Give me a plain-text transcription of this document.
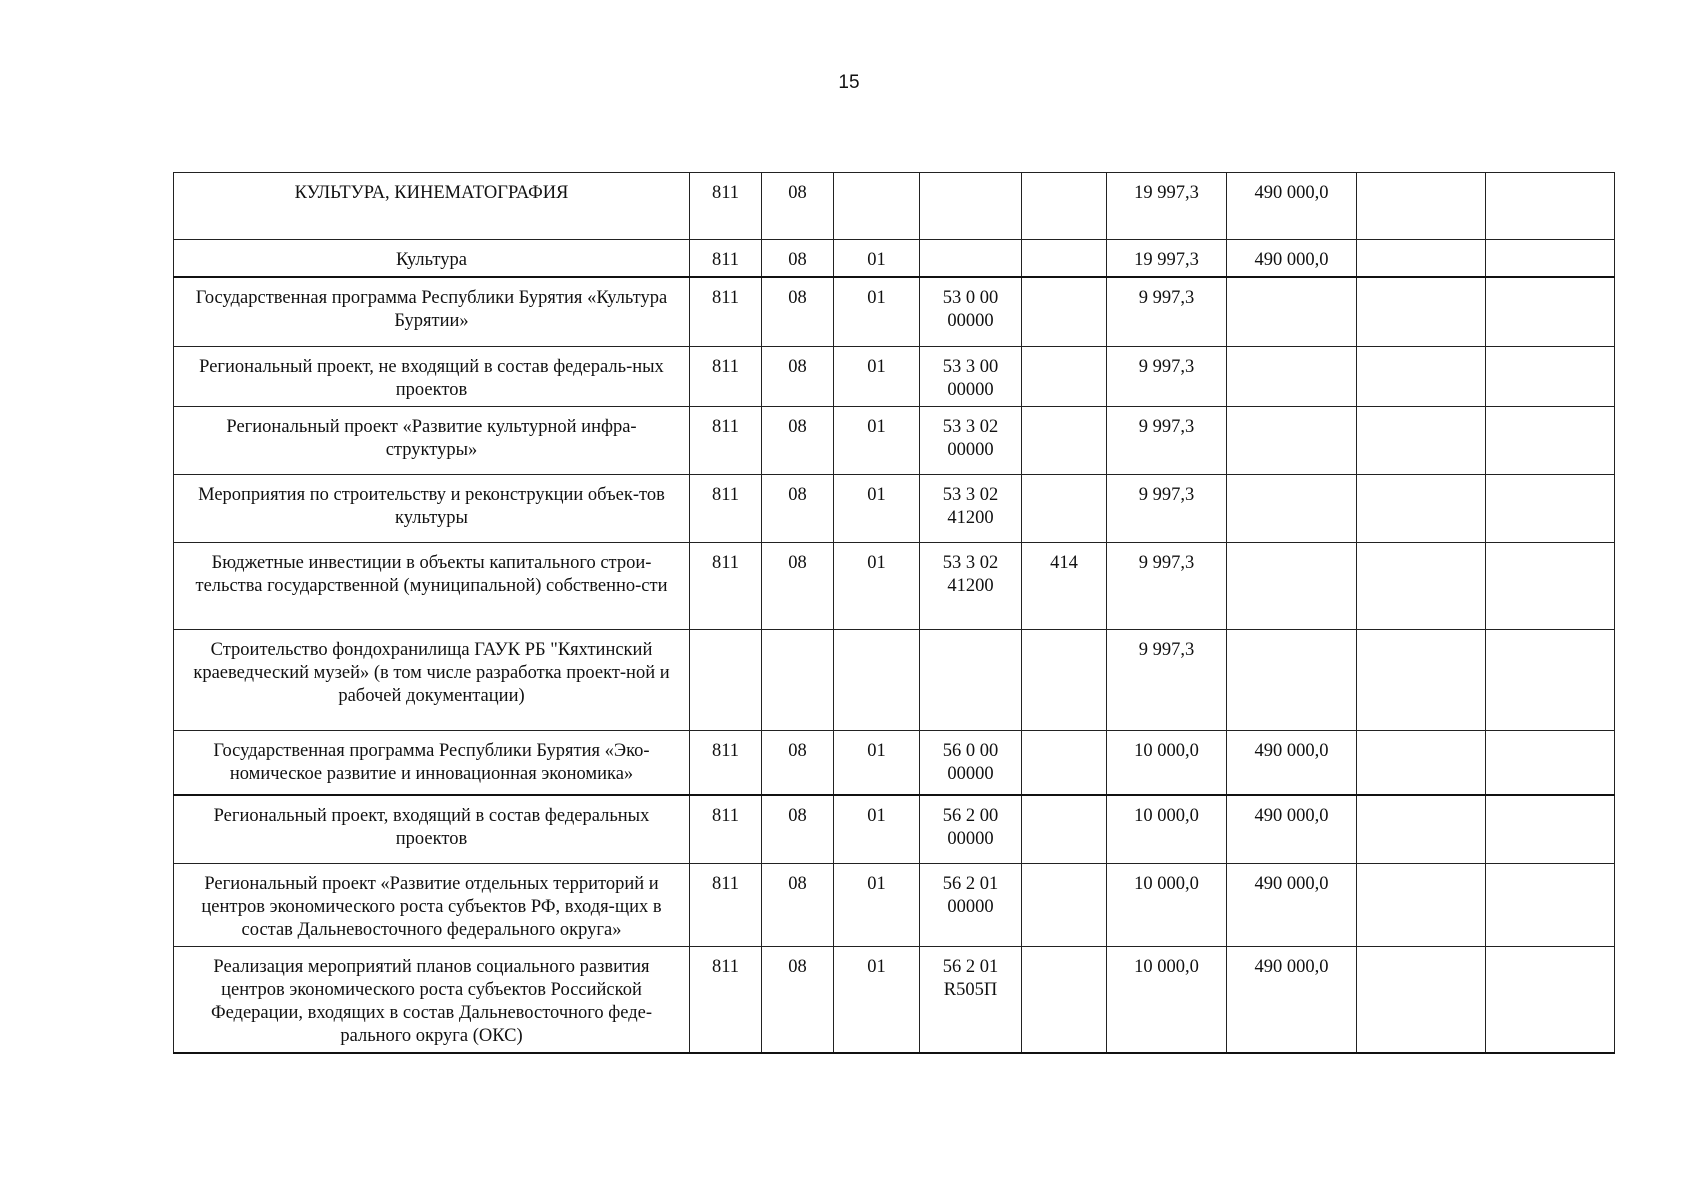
15
КУЛЬТУРА, КИНЕМАТОГРАФИЯ	811	08				19 997,3	490 000,0		
Культура	811	08	01			19 997,3	490 000,0		
Государственная программа Республики Бурятия «Культура Бурятии»	811	08	01	53 0 00 00000		9 997,3			
Региональный проект, не входящий в состав федераль-ных проектов	811	08	01	53 3 00 00000		9 997,3			
Региональный проект «Развитие культурной инфра-структуры»	811	08	01	53 3 02 00000		9 997,3			
Мероприятия по строительству и реконструкции объек-тов культуры	811	08	01	53 3 02 41200		9 997,3			
Бюджетные инвестиции в объекты капитального строи-тельства государственной (муниципальной) собственно-сти	811	08	01	53 3 02 41200	414	9 997,3			
Строительство фондохранилища ГАУК РБ "Кяхтинский краеведческий музей» (в том числе разработка проект-ной и рабочей документации)						9 997,3			
Государственная программа Республики Бурятия «Эко-номическое развитие и инновационная экономика»	811	08	01	56 0 00 00000		10 000,0	490 000,0		
Региональный проект, входящий в состав федеральных проектов	811	08	01	56 2 00 00000		10 000,0	490 000,0		
Региональный проект «Развитие отдельных территорий и центров экономического роста субъектов РФ, входя-щих в состав Дальневосточного федерального округа»	811	08	01	56 2 01 00000		10 000,0	490 000,0		
Реализация мероприятий планов социального развития центров экономического роста субъектов Российской Федерации, входящих в состав Дальневосточного феде-рального округа (ОКС)	811	08	01	56 2 01 R505П		10 000,0	490 000,0		
